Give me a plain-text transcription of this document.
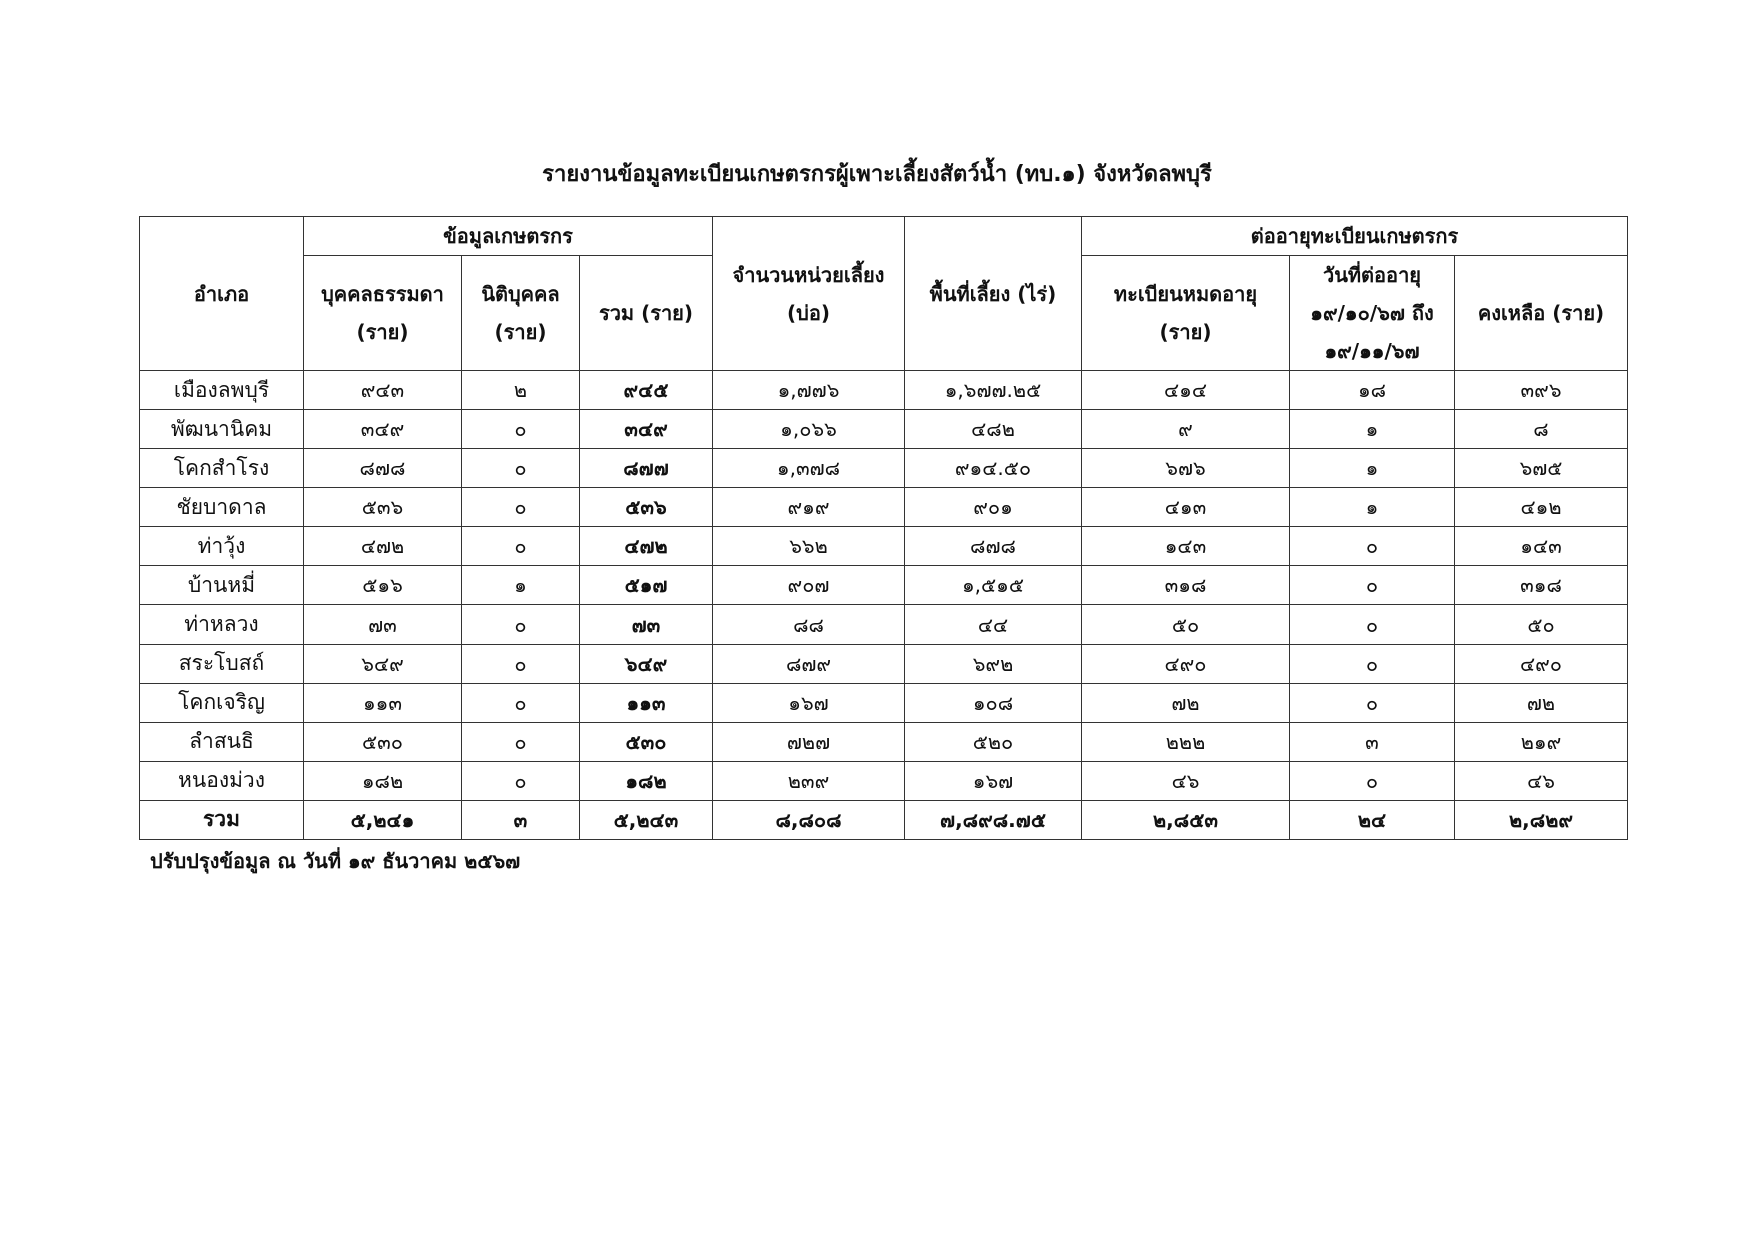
รายงานข้อมูลทะเบียนเกษตรกรผู้เพาะเลี้ยงสัตว์น้ำ (ทบ.๑) จังหวัดลพบุรี
อำเภอ	ข้อมูลเกษตรกร			จำนวนหน่วยเลี้ยง (บ่อ)	พื้นที่เลี้ยง (ไร่)	ต่ออายุทะเบียนเกษตรกร		
	บุคคลธรรมดา (ราย)	นิติบุคคล (ราย)	รวม (ราย)			ทะเบียนหมดอายุ (ราย)	วันที่ต่ออายุ ๑๙/๑๐/๖๗ ถึง ๑๙/๑๑/๖๗	คงเหลือ (ราย)
เมืองลพบุรี	๙๔๓	๒	๙๔๕	๑,๗๗๖	๑,๖๗๗.๒๕	๔๑๔	๑๘	๓๙๖
พัฒนานิคม	๓๔๙	๐	๓๔๙	๑,๐๖๖	๔๘๒	๙	๑	๘
โคกสำโรง	๘๗๘	๐	๘๗๗	๑,๓๗๘	๙๑๔.๕๐	๖๗๖	๑	๖๗๕
ชัยบาดาล	๕๓๖	๐	๕๓๖	๙๑๙	๙๐๑	๔๑๓	๑	๔๑๒
ท่าวุ้ง	๔๗๒	๐	๔๗๒	๖๖๒	๘๗๘	๑๔๓	๐	๑๔๓
บ้านหมี่	๕๑๖	๑	๕๑๗	๙๐๗	๑,๕๑๕	๓๑๘	๐	๓๑๘
ท่าหลวง	๗๓	๐	๗๓	๘๘	๔๔	๕๐	๐	๕๐
สระโบสถ์	๖๔๙	๐	๖๔๙	๘๗๙	๖๙๒	๔๙๐	๐	๔๙๐
โคกเจริญ	๑๑๓	๐	๑๑๓	๑๖๗	๑๐๘	๗๒	๐	๗๒
ลำสนธิ	๕๓๐	๐	๕๓๐	๗๒๗	๕๒๐	๒๒๒	๓	๒๑๙
หนองม่วง	๑๘๒	๐	๑๘๒	๒๓๙	๑๖๗	๔๖	๐	๔๖
รวม	๕,๒๔๑	๓	๕,๒๔๓	๘,๘๐๘	๗,๘๙๘.๗๕	๒,๘๕๓	๒๔	๒,๘๒๙
ปรับปรุงข้อมูล ณ วันที่ ๑๙ ธันวาคม ๒๕๖๗
